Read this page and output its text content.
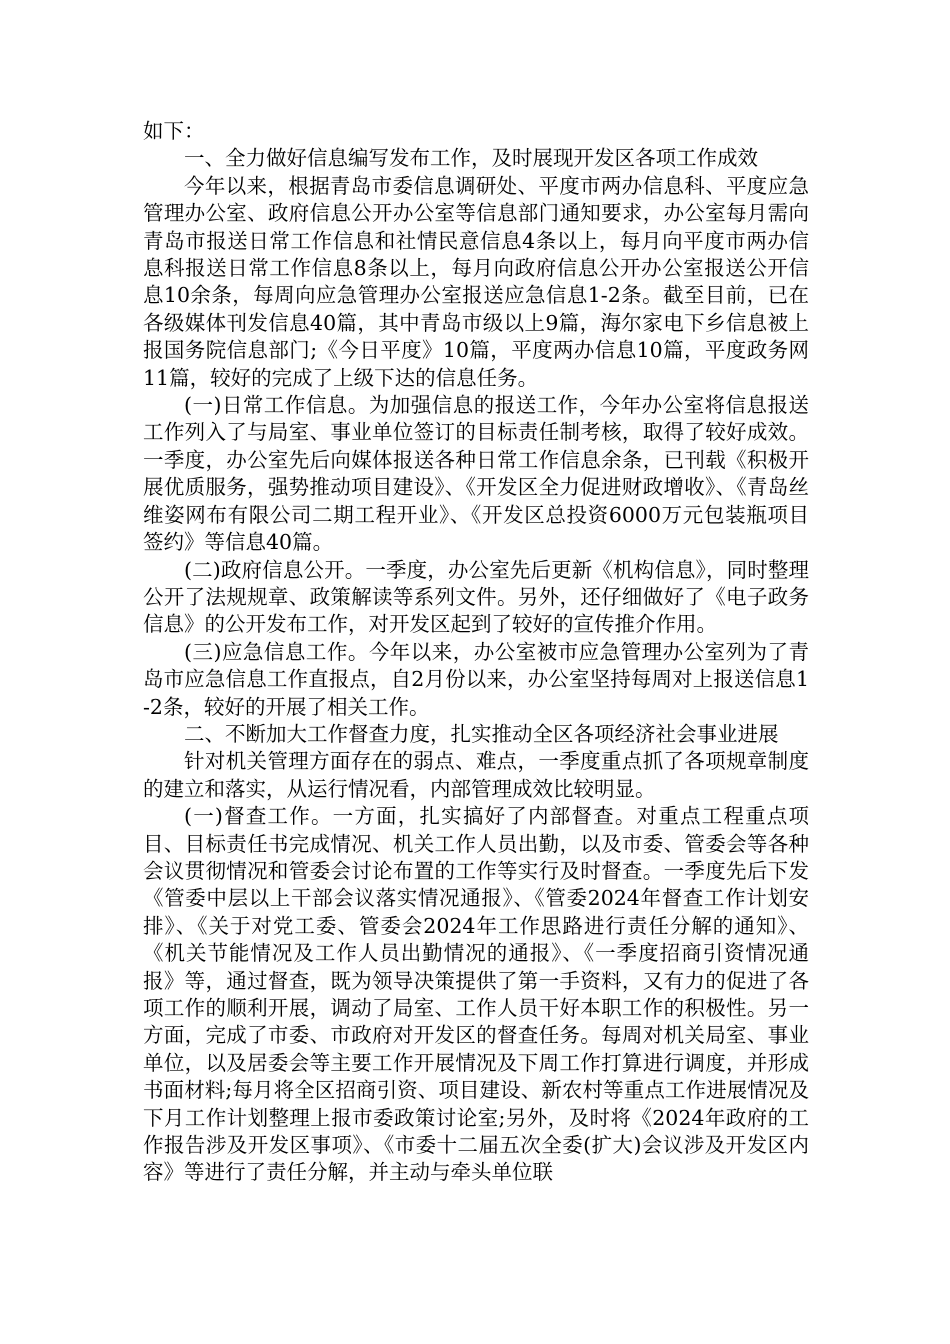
如下：

一、全力做好信息编写发布工作，及时展现开发区各项工作成效

今年以来，根据青岛市委信息调研处、平度市两办信息科、平度应急管理办公室、政府信息公开办公室等信息部门通知要求，办公室每月需向青岛市报送日常工作信息和社情民意信息4条以上，每月向平度市两办信息科报送日常工作信息8条以上，每月向政府信息公开办公室报送公开信息10余条，每周向应急管理办公室报送应急信息1-2条。截至目前，已在各级媒体刊发信息40篇，其中青岛市级以上9篇，海尔家电下乡信息被上报国务院信息部门;《今日平度》10篇，平度两办信息10篇，平度政务网11篇，较好的完成了上级下达的信息任务。

(一)日常工作信息。为加强信息的报送工作，今年办公室将信息报送工作列入了与局室、事业单位签订的目标责任制考核，取得了较好成效。一季度，办公室先后向媒体报送各种日常工作信息余条，已刊载《积极开展优质服务，强势推动项目建设》、《开发区全力促进财政增收》、《青岛丝维姿网布有限公司二期工程开业》、《开发区总投资6000万元包装瓶项目签约》等信息40篇。

(二)政府信息公开。一季度，办公室先后更新《机构信息》，同时整理公开了法规规章、政策解读等系列文件。另外，还仔细做好了《电子政务信息》的公开发布工作，对开发区起到了较好的宣传推介作用。

(三)应急信息工作。今年以来，办公室被市应急管理办公室列为了青岛市应急信息工作直报点，自2月份以来，办公室坚持每周对上报送信息1-2条，较好的开展了相关工作。

二、不断加大工作督查力度，扎实推动全区各项经济社会事业进展

针对机关管理方面存在的弱点、难点，一季度重点抓了各项规章制度的建立和落实，从运行情况看，内部管理成效比较明显。

(一)督查工作。一方面，扎实搞好了内部督查。对重点工程重点项目、目标责任书完成情况、机关工作人员出勤，以及市委、管委会等各种会议贯彻情况和管委会讨论布置的工作等实行及时督查。一季度先后下发《管委中层以上干部会议落实情况通报》、《管委2024年督查工作计划安排》、《关于对党工委、管委会2024年工作思路进行责任分解的通知》、《机关节能情况及工作人员出勤情况的通报》、《一季度招商引资情况通报》等，通过督查，既为领导决策提供了第一手资料，又有力的促进了各项工作的顺利开展，调动了局室、工作人员干好本职工作的积极性。另一方面，完成了市委、市政府对开发区的督查任务。每周对机关局室、事业单位，以及居委会等主要工作开展情况及下周工作打算进行调度，并形成书面材料;每月将全区招商引资、项目建设、新农村等重点工作进展情况及下月工作计划整理上报市委政策讨论室;另外，及时将《2024年政府的工作报告涉及开发区事项》、《市委十二届五次全委(扩大)会议涉及开发区内容》等进行了责任分解，并主动与牵头单位联
